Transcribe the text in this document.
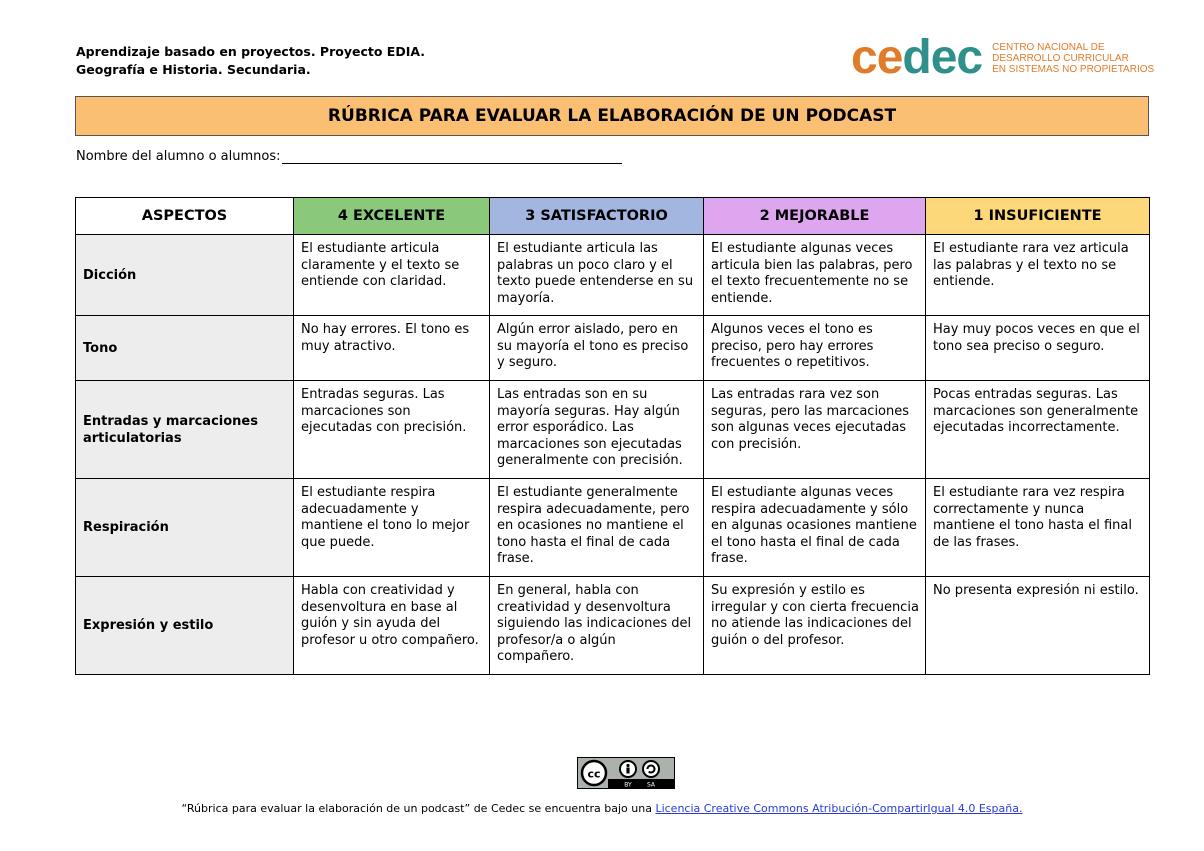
Aprendizaje basado en proyectos. Proyecto EDIA.
Geografía e Historia. Secundaria.	cedec CENTRO NACIONAL DE
DESARROLLO CURRICULAR
EN SISTEMAS NO PROPIETARIOS
RÚBRICA PARA EVALUAR LA ELABORACIÓN DE UN PODCAST
Nombre del alumno o alumnos:
ASPECTOS	4 EXCELENTE	3 SATISFACTORIO	2 MEJORABLE	1 INSUFICIENTE
Dicción	El estudiante articula claramente y el texto se entiende con claridad.	El estudiante articula las palabras un poco claro y el texto puede entenderse en su mayoría.	El estudiante algunas veces articula bien las palabras, pero el texto frecuentemente no se entiende.	El estudiante rara vez articula las palabras y el texto no se entiende.
Tono	No hay errores. El tono es muy atractivo.	Algún error aislado, pero en su mayoría el tono es preciso y seguro.	Algunos veces el tono es preciso, pero hay errores frecuentes o repetitivos.	Hay muy pocos veces en que el tono sea preciso o seguro.
Entradas y marcaciones articulatorias	Entradas seguras. Las marcaciones son ejecutadas con precisión.	Las entradas son en su mayoría seguras. Hay algún error esporádico. Las marcaciones son ejecutadas generalmente con precisión.	Las entradas rara vez son seguras, pero las marcaciones son algunas veces ejecutadas con precisión.	Pocas entradas seguras. Las marcaciones son generalmente ejecutadas incorrectamente.
Respiración	El estudiante respira adecuadamente y mantiene el tono lo mejor que puede.	El estudiante generalmente respira adecuadamente, pero en ocasiones no mantiene el tono hasta el final de cada frase.	El estudiante algunas veces respira adecuadamente y sólo en algunas ocasiones mantiene el tono hasta el final de cada frase.	El estudiante rara vez respira correctamente y nunca mantiene el tono hasta el final de las frases.
Expresión y estilo	Habla con creatividad y desenvoltura en base al guión y sin ayuda del profesor u otro compañero.	En general, habla con creatividad y desenvoltura siguiendo las indicaciones del profesor/a o algún compañero.	Su expresión y estilo es irregular y con cierta frecuencia no atiende las indicaciones del guión o del profesor.	No presenta expresión ni estilo.
cc
BY	SA
“Rúbrica para evaluar la elaboración de un podcast” de Cedec se encuentra bajo una Licencia Creative Commons Atribución-CompartirIgual 4.0 España.
